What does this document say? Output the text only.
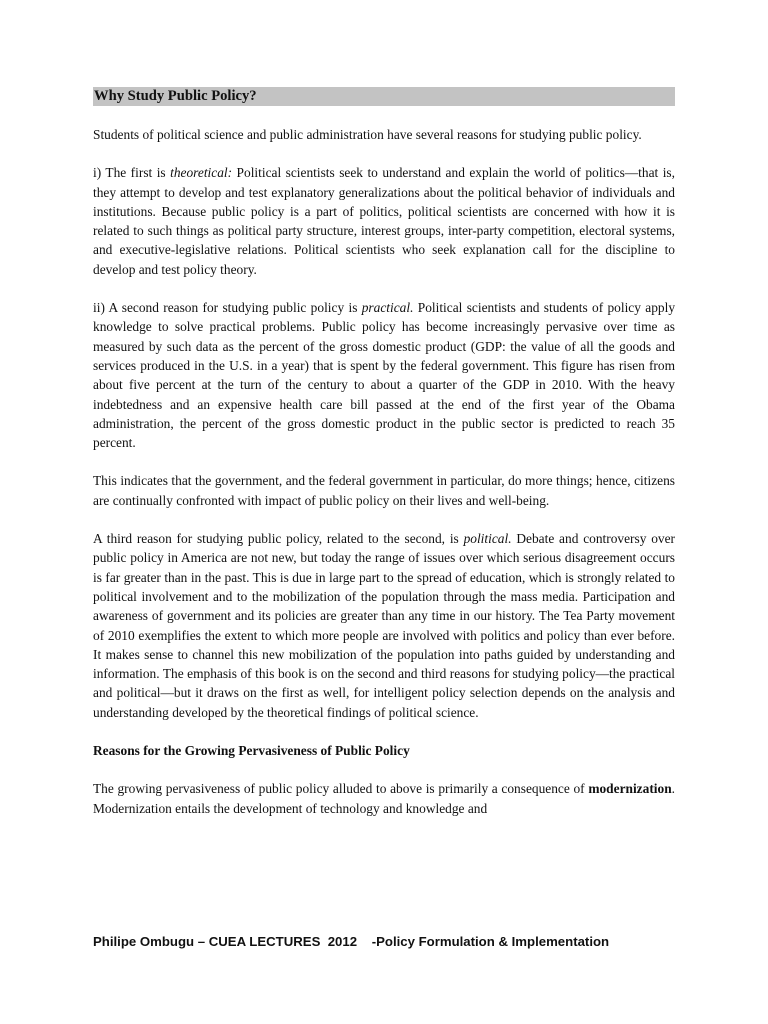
Why Study Public Policy?

Students of political science and public administration have several reasons for studying public policy.

i) The first is theoretical: Political scientists seek to understand and explain the world of politics—that is, they attempt to develop and test explanatory generalizations about the political behavior of individuals and institutions. Because public policy is a part of politics, political scientists are concerned with how it is related to such things as political party structure, interest groups, inter-party competition, electoral systems, and executive-legislative relations. Political scientists who seek explanation call for the discipline to develop and test policy theory.

ii) A second reason for studying public policy is practical. Political scientists and students of policy apply knowledge to solve practical problems. Public policy has become increasingly pervasive over time as measured by such data as the percent of the gross domestic product (GDP: the value of all the goods and services produced in the U.S. in a year) that is spent by the federal government. This figure has risen from about five percent at the turn of the century to about a quarter of the GDP in 2010. With the heavy indebtedness and an expensive health care bill passed at the end of the first year of the Obama administration, the percent of the gross domestic product in the public sector is predicted to reach 35 percent.

This indicates that the government, and the federal government in particular, do more things; hence, citizens are continually confronted with impact of public policy on their lives and well-being.

A third reason for studying public policy, related to the second, is political. Debate and controversy over public policy in America are not new, but today the range of issues over which serious disagreement occurs is far greater than in the past. This is due in large part to the spread of education, which is strongly related to political involvement and to the mobilization of the population through the mass media. Participation and awareness of government and its policies are greater than any time in our history. The Tea Party movement of 2010 exemplifies the extent to which more people are involved with politics and policy than ever before. It makes sense to channel this new mobilization of the population into paths guided by understanding and information. The emphasis of this book is on the second and third reasons for studying policy—the practical and political—but it draws on the first as well, for intelligent policy selection depends on the analysis and understanding developed by the theoretical findings of political science.

Reasons for the Growing Pervasiveness of Public Policy

The growing pervasiveness of public policy alluded to above is primarily a consequence of modernization. Modernization entails the development of technology and knowledge and

Philipe Ombugu – CUEA LECTURES  2012    -Policy Formulation & Implementation
